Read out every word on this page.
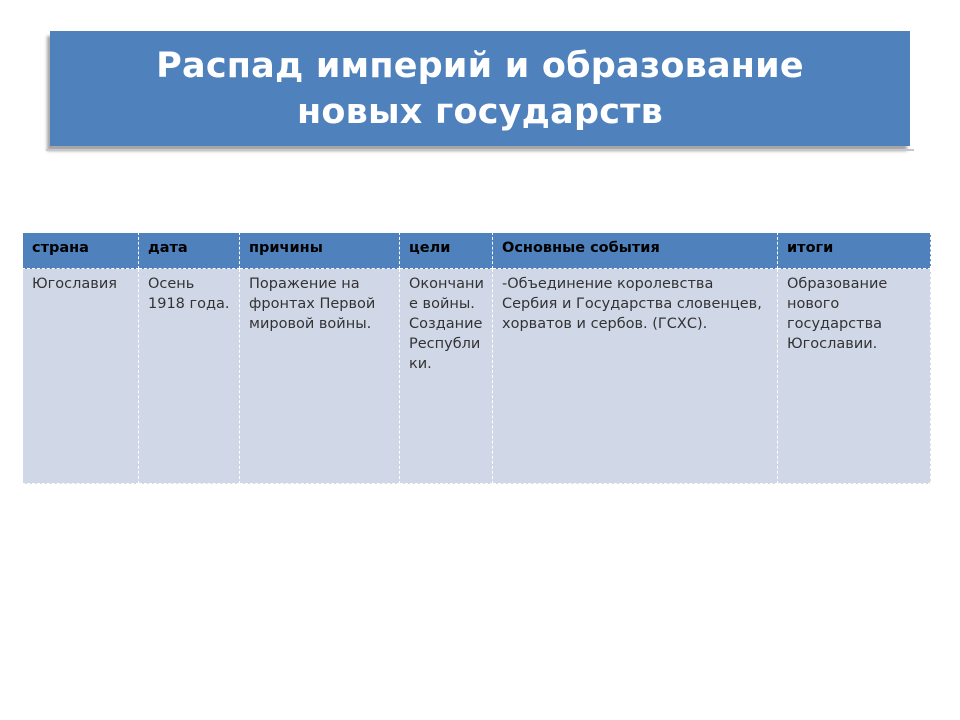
Распад империй и образование
новых государств
страна	дата	причины	цели	Основные события	итоги
Югославия	Осень 1918 года.	Поражение на фронтах Первой мировой войны.	Окончание войны. Создание Республики.	-Объединение королевства Сербия и Государства словенцев, хорватов и сербов. (ГСХС).	Образование нового государства Югославии.
